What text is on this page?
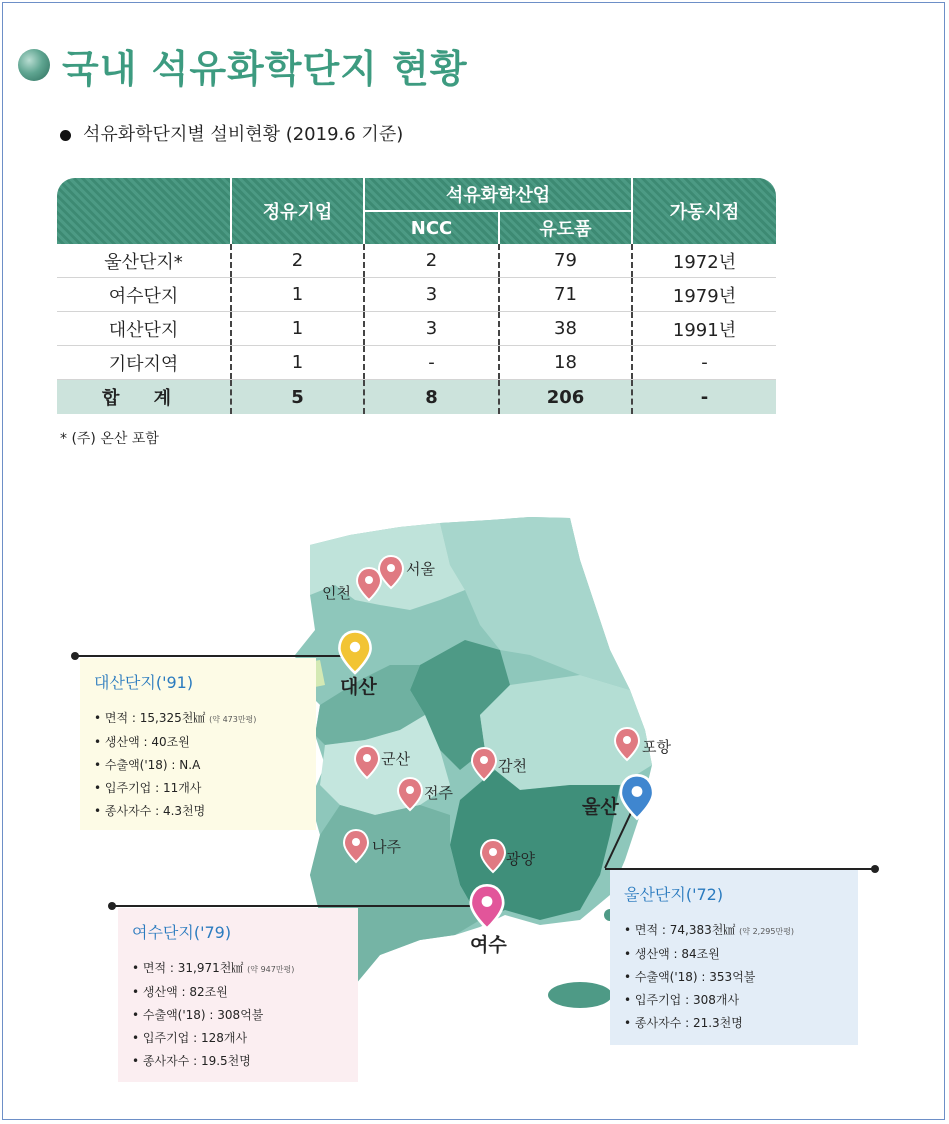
국내 석유화학단지 현황
석유화학단지별 설비현황 (2019.6 기준)
정유기업
석유화학산업
NCC	유도품
가동시점
울산단지*	2	2	79	1972년
여수단지	1	3	71	1979년
대산단지	1	3	38	1991년
기타지역	1	-	18	-
합 계	5	8	206	-
* (주) 온산 포함
대산단지('91)
• 면적 : 15,325천㎢ (약 473만평)
• 생산액 : 40조원
• 수출액('18) : N.A
• 입주기업 : 11개사
• 종사자수 : 4.3천명
여수단지('79)
• 면적 : 31,971천㎢ (약 947만평)
• 생산액 : 82조원
• 수출액('18) : 308억불
• 입주기업 : 128개사
• 종사자수 : 19.5천명
울산단지('72)
• 면적 : 74,383천㎢ (약 2,295만평)
• 생산액 : 84조원
• 수출액('18) : 353억불
• 입주기업 : 308개사
• 종사자수 : 21.3천명
서울
인천
대산
군산
전주
감천
포항
울산
나주
광양
여수
